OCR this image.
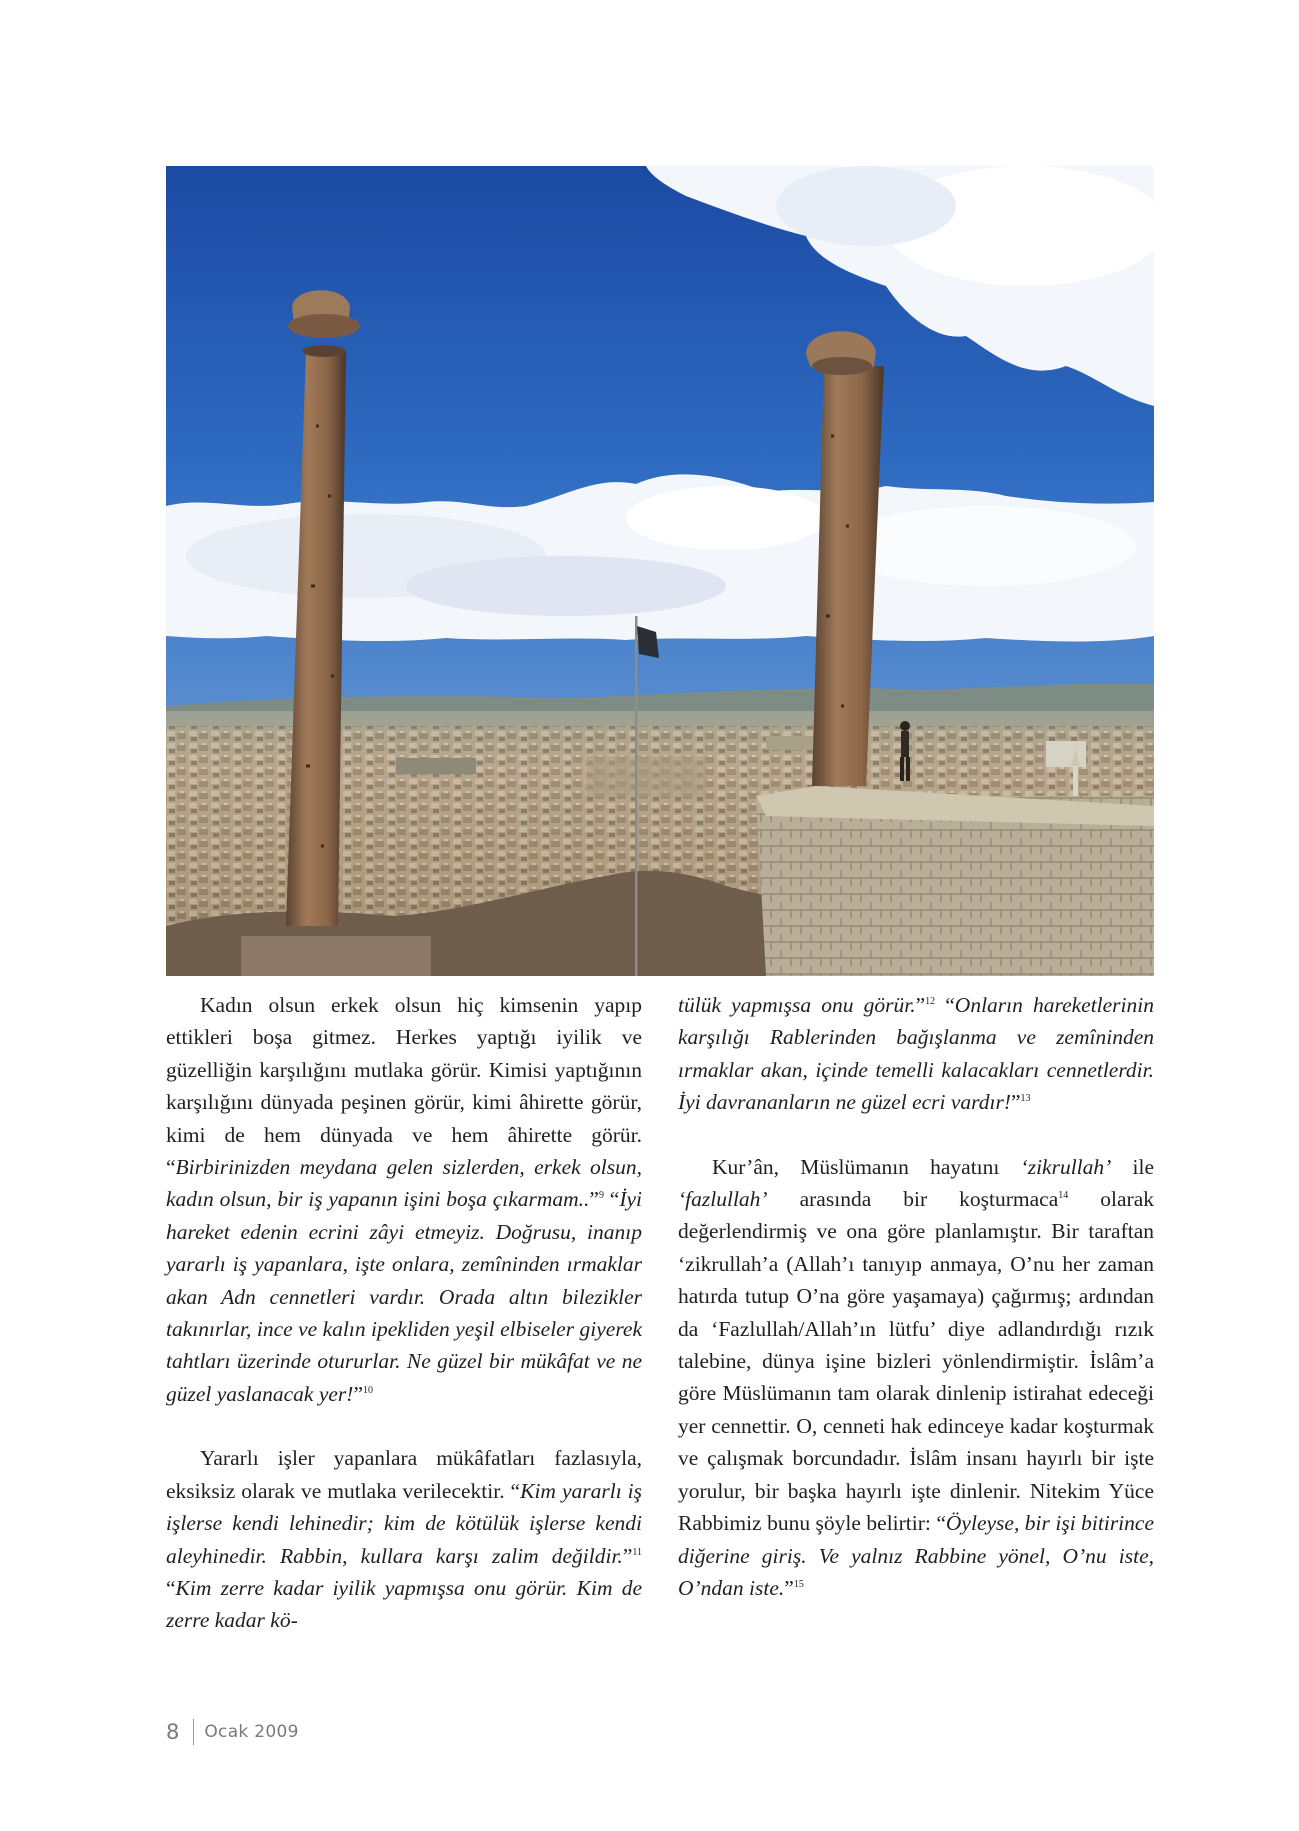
Kadın olsun erkek olsun hiç kimsenin yapıp ettikleri boşa gitmez. Herkes yaptığı iyilik ve güzelliğin karşılığını mutlaka görür. Kimisi yaptığının karşılığını dünyada peşinen görür, kimi âhirette görür, kimi de hem dünyada ve hem âhirette görür. “Birbirinizden meydana gelen sizlerden, erkek olsun, kadın olsun, bir iş yapanın işini boşa çıkarmam..”$^9$ “İyi hareket edenin ecrini zâyi etmeyiz. Doğrusu, inanıp yararlı iş yapanlara, işte onlara, zemîninden ırmaklar akan Adn cennetleri vardır. Orada altın bilezikler takınırlar, ince ve kalın ipekliden yeşil elbiseler giyerek tahtları üzerinde otururlar. Ne güzel bir mükâfat ve ne güzel yaslanacak yer!”$^{10}$

Yararlı işler yapanlara mükâfatları fazlasıyla, eksiksiz olarak ve mutlaka verilecektir. “Kim yararlı iş işlerse kendi lehinedir; kim de kötülük işlerse kendi aleyhinedir. Rabbin, kullara karşı zalim değildir.”$^{11}$ “Kim zerre kadar iyilik yapmışsa onu görür. Kim de zerre kadar kö-

tülük yapmışsa onu görür.”$^{12}$ “Onların hareketlerinin karşılığı Rablerinden bağışlanma ve zemîninden ırmaklar akan, içinde temelli kalacakları cennetlerdir. İyi davrananların ne güzel ecri vardır!”$^{13}$

Kur’ân, Müslümanın hayatını ‘zikrullah’ ile ‘fazlullah’ arasında bir koşturmaca$^{14}$ olarak değerlendirmiş ve ona göre planlamıştır. Bir taraftan ‘zikrullah’a (Allah’ı tanıyıp anmaya, O’nu her zaman hatırda tutup O’na göre yaşamaya) çağırmış; ardından da ‘Fazlullah/Allah’ın lütfu’ diye adlandırdığı rızık talebine, dünya işine bizleri yönlendirmiştir. İslâm’a göre Müslümanın tam olarak dinlenip istirahat edeceği yer cennettir. O, cenneti hak edinceye kadar koşturmak ve çalışmak borcundadır. İslâm insanı hayırlı bir işte yorulur, bir başka hayırlı işte dinlenir. Nitekim Yüce Rabbimiz bunu şöyle belirtir: “Öyleyse, bir işi bitirince diğerine giriş. Ve yalnız Rabbine yönel, O’nu iste, O’ndan iste.”$^{15}$

8 Ocak 2009
